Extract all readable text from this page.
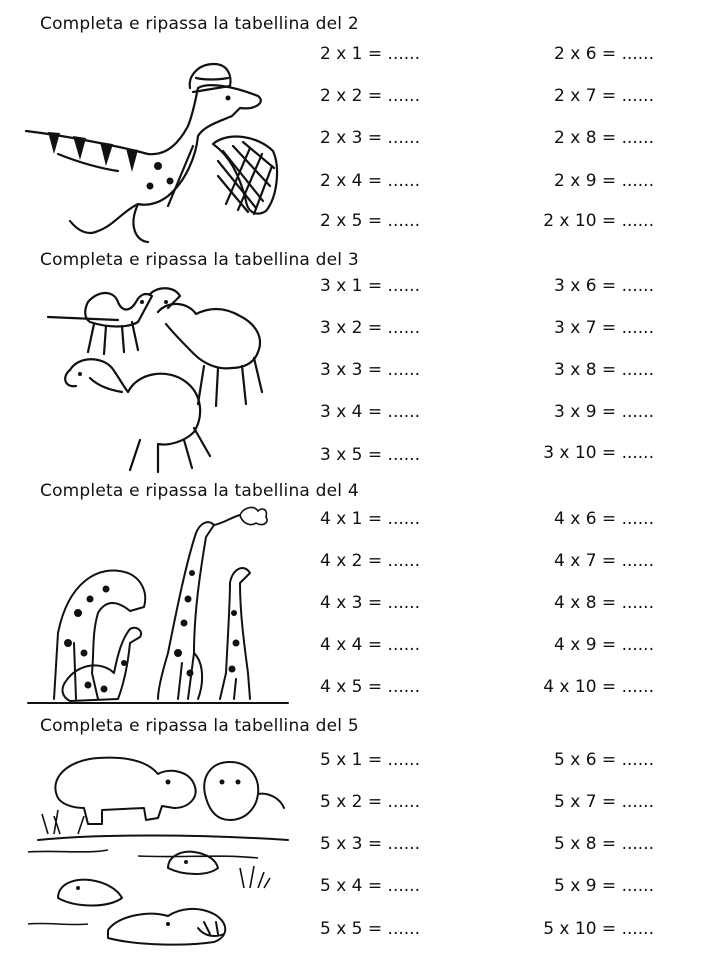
Completa e ripassa la tabellina del 2
2 x 1 = ......
2 x 2 = ......
2 x 3 = ......
2 x 4 = ......
2 x 5 = ......
2 x 6 = ......
2 x 7 = ......
2 x 8 = ......
2 x 9 = ......
2 x 10 = ......
Completa e ripassa la tabellina del 3
3 x 1 = ......
3 x 2 = ......
3 x 3 = ......
3 x 4 = ......
3 x 5 = ......
3 x 6 = ......
3 x 7 = ......
3 x 8 = ......
3 x 9 = ......
3 x 10 = ......
Completa e ripassa la tabellina del 4
4 x 1 = ......
4 x 2 = ......
4 x 3 = ......
4 x 4 = ......
4 x 5 = ......
4 x 6 = ......
4 x 7 = ......
4 x 8 = ......
4 x 9 = ......
4 x 10 = ......
Completa e ripassa la tabellina del 5
5 x 1 = ......
5 x 2 = ......
5 x 3 = ......
5 x 4 = ......
5 x 5 = ......
5 x 6 = ......
5 x 7 = ......
5 x 8 = ......
5 x 9 = ......
5 x 10 = ......
